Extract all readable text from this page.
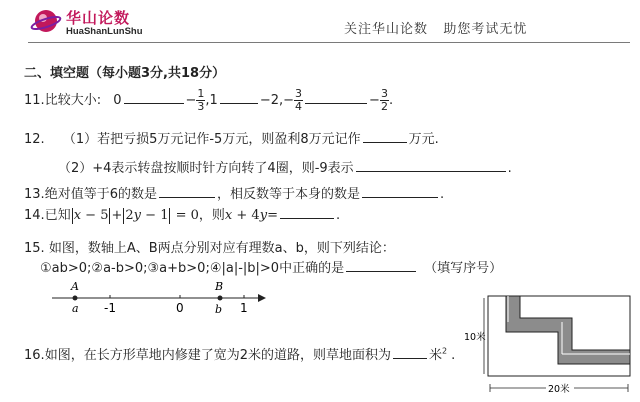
华山论数
HuaShanLunShu	关注华山论数   助您考试无忧
二、填空题（每小题3分,共18分）
11.比较大小: 0	− $\frac{1}{3} ,1$	$-2,- \frac{3}{4}$	− $\frac{3}{2}$ .
12. （1）若把亏损5万元记作-5万元，则盈利8万元记作	万元.
（2）+4表示转盘按顺时针方向转了4圈，则-9表示	.
13.绝对值等于6的数是	，相反数等于本身的数是	.
14.已知 x − 5 + 2y − 1 = 0，则x + 4y=	.
15. 如图，数轴上A、B两点分别对应有理数a、b，则下列结论：
①ab>0;②a-b>0;③a+b>0;④|a|-|b|>0中正确的是	（填写序号）
A
a -1	0
B
b 1
16.如图，在长方形草地内修建了宽为2米的道路，则草地面积为	米$^2$ .
10米
20米
